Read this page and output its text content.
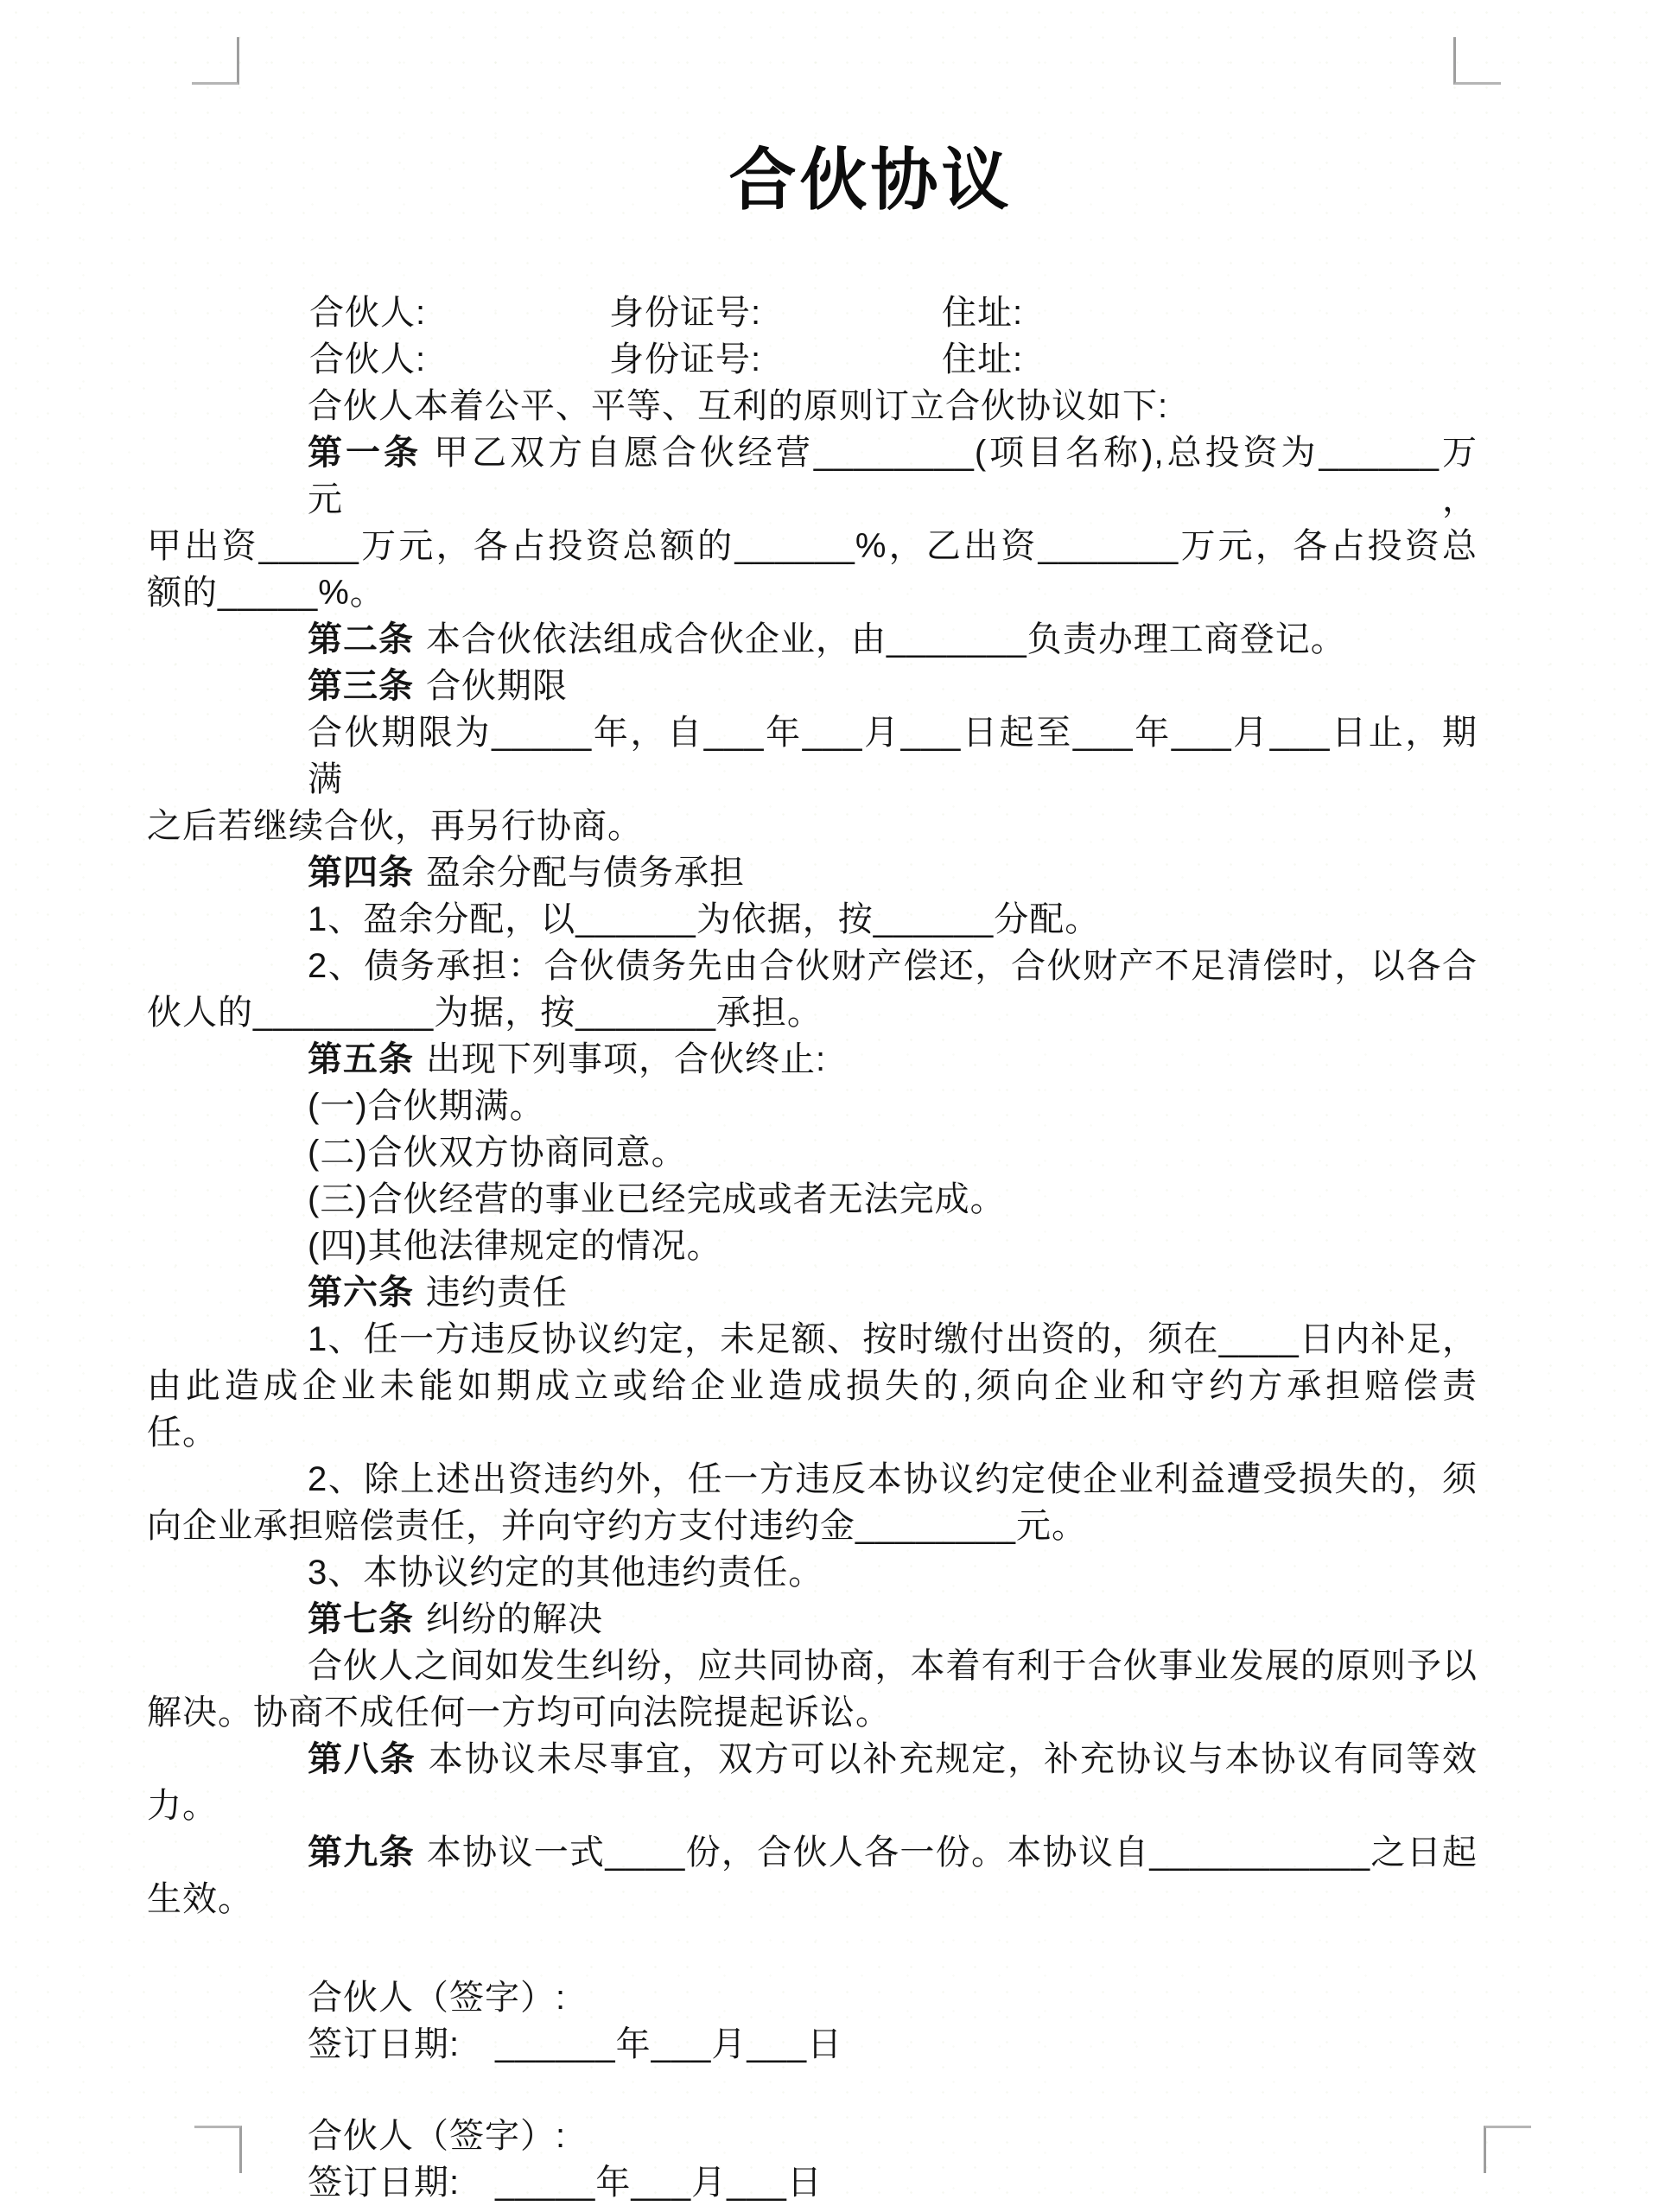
合伙协议
合伙人:	身份证号:	住址:
合伙人:	身份证号:	住址:
合伙人本着公平、平等、互利的原则订立合伙协议如下:
第一条 甲乙双方自愿合伙经营________(项目名称),总投资为______万元，
甲出资_____万元，各占投资总额的______%，乙出资_______万元，各占投资总
额的_____%。
第二条 本合伙依法组成合伙企业，由_______负责办理工商登记。
第三条 合伙期限
合伙期限为_____年，自___年___月___日起至___年___月___日止，期满
之后若继续合伙，再另行协商。
第四条 盈余分配与债务承担
1、盈余分配，以______为依据，按______分配。
2、债务承担：合伙债务先由合伙财产偿还，合伙财产不足清偿时，以各合
伙人的_________为据，按_______承担。
第五条 出现下列事项，合伙终止:
(一)合伙期满。
(二)合伙双方协商同意。
(三)合伙经营的事业已经完成或者无法完成。
(四)其他法律规定的情况。
第六条 违约责任
1、任一方违反协议约定，未足额、按时缴付出资的，须在____日内补足，
由此造成企业未能如期成立或给企业造成损失的,须向企业和守约方承担赔偿责
任。
2、除上述出资违约外，任一方违反本协议约定使企业利益遭受损失的，须
向企业承担赔偿责任，并向守约方支付违约金________元。
3、本协议约定的其他违约责任。
第七条 纠纷的解决
合伙人之间如发生纠纷，应共同协商，本着有利于合伙事业发展的原则予以
解决。协商不成任何一方均可向法院提起诉讼。
第八条 本协议未尽事宜，双方可以补充规定，补充协议与本协议有同等效
力。
第九条 本协议一式____份，合伙人各一份。本协议自___________之日起
生效。
合伙人（签字）:
签订日期:　______年___月___日
合伙人（签字）:
签订日期:　_____年___月___日
